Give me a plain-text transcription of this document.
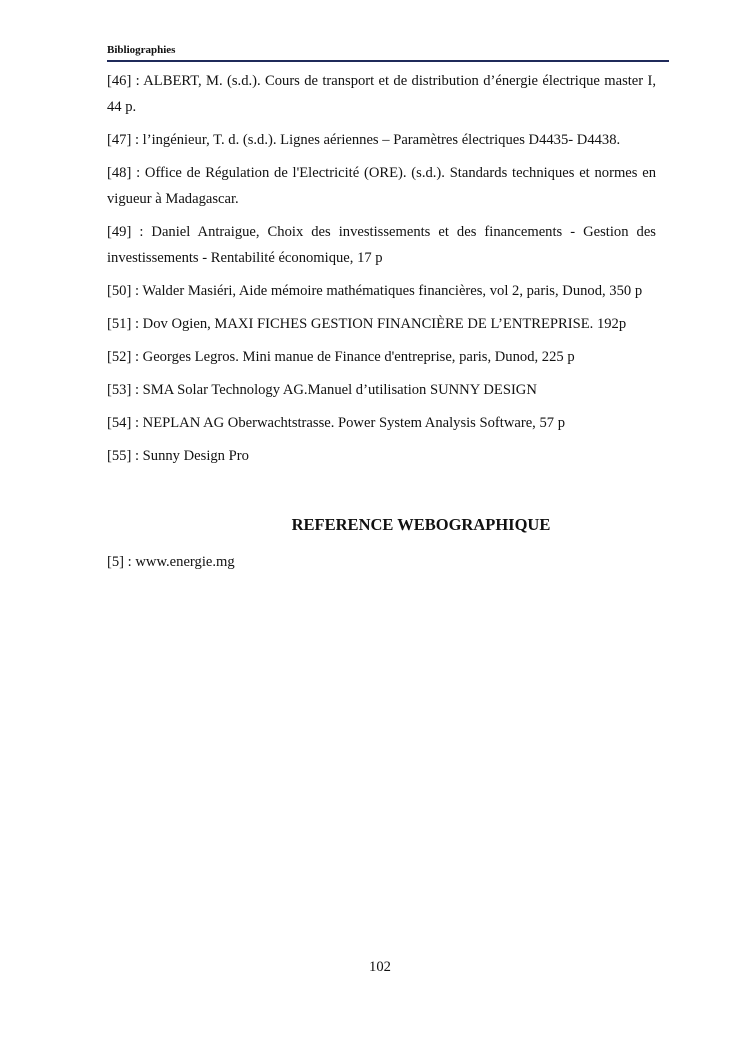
Bibliographies

[46] : ALBERT, M. (s.d.). Cours de transport et de distribution d’énergie électrique master I, 44 p.

[47] : l’ingénieur, T. d. (s.d.). Lignes aériennes – Paramètres électriques D4435- D4438.

[48] : Office de Régulation de l'Electricité (ORE). (s.d.). Standards techniques et normes en vigueur à Madagascar.

[49] : Daniel Antraigue, Choix des investissements et des financements - Gestion des investissements - Rentabilité économique, 17 p

[50] : Walder Masiéri, Aide mémoire mathématiques financières, vol 2, paris, Dunod, 350 p

[51] : Dov Ogien, MAXI FICHES GESTION FINANCIÈRE DE L’ENTREPRISE. 192p

[52] : Georges Legros. Mini manue de Finance d'entreprise, paris, Dunod, 225 p

[53] : SMA Solar Technology AG.Manuel d’utilisation SUNNY DESIGN

[54] : NEPLAN AG Oberwachtstrasse. Power System Analysis Software, 57 p

[55] : Sunny Design Pro

REFERENCE WEBOGRAPHIQUE

[5] : www.energie.mg

102
